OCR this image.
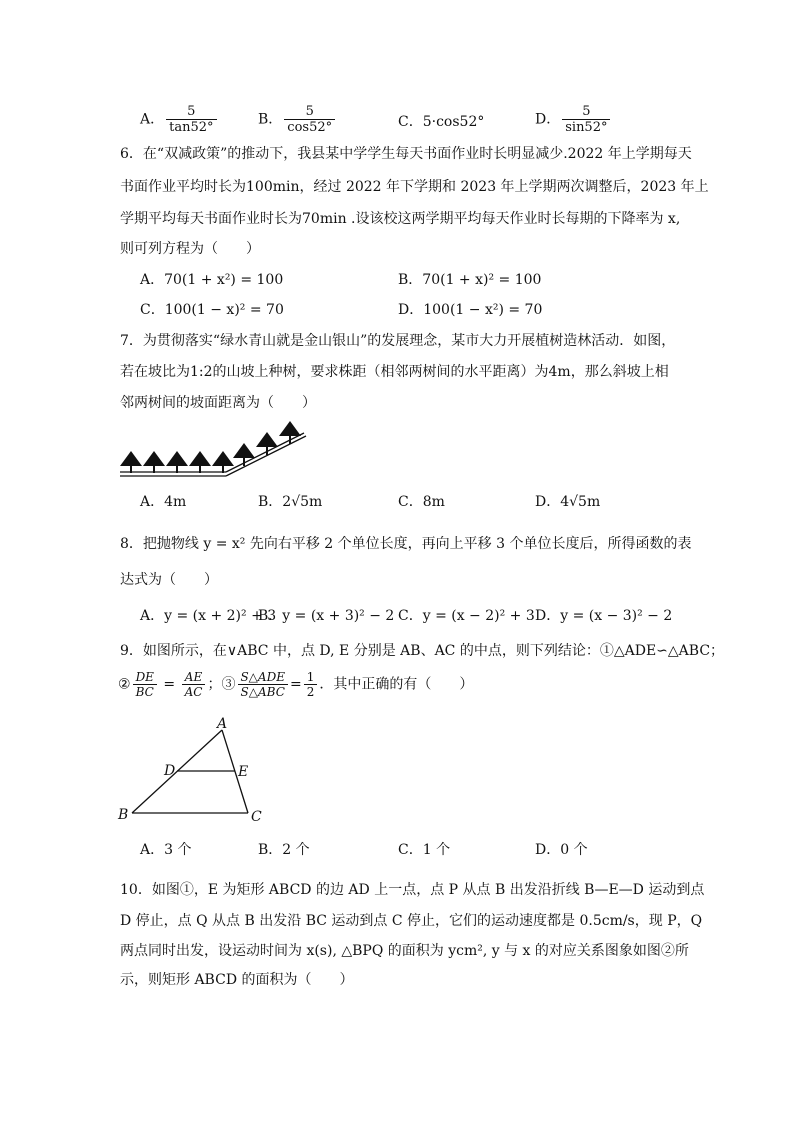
A． $\frac{5}{\tan 52^\circ}$	B． $\frac{5}{\cos 52^\circ}$	C．5·cos52°	D． $\frac{5}{\sin 52^\circ}$
6．在“双减政策”的推动下，我县某中学学生每天书面作业时长明显减少.2022 年上学期每天
书面作业平均时长为100min，经过 2022 年下学期和 2023 年上学期两次调整后，2023 年上
学期平均每天书面作业时长为70min .设该校这两学期平均每天作业时长每期的下降率为 x,
则可列方程为（　　）
A．70(1 + x²) = 100	B．70(1 + x)² = 100
C．100(1 − x)² = 70	D．100(1 − x²) = 70
7．为贯彻落实“绿水青山就是金山银山”的发展理念，某市大力开展植树造林活动．如图，
若在坡比为1:2的山坡上种树，要求株距（相邻两树间的水平距离）为4m，那么斜坡上相
邻两树间的坡面距离为（　　）
A．4m	B．2√5m	C．8m	D．4√5m
8．把抛物线 y = x² 先向右平移 2 个单位长度，再向上平移 3 个单位长度后，所得函数的表
达式为（　　）
A．y = (x + 2)² + 3
B．y = (x + 3)² − 2 C．y = (x − 2)² + 3 D．y = (x − 3)² − 2
9．如图所示，在∨ABC 中，点 D, E 分别是 AB、AC 的中点，则下列结论：①△ADE∽△ABC；
② $\frac{DE}{BC} = \frac{AE}{AC}$ ；③ $\frac{\text{S△ADE}}{\text{S△ABC}} = \frac{1}{2}$ ．其中正确的有（　　）
A
B	C
D	E
A．3 个	B．2 个	C．1 个	D．0 个
10．如图①，E 为矩形 ABCD 的边 AD 上一点，点 P 从点 B 出发沿折线 B—E—D 运动到点
D 停止，点 Q 从点 B 出发沿 BC 运动到点 C 停止，它们的运动速度都是 0.5cm/s，现 P，Q
两点同时出发，设运动时间为 x(s), △BPQ 的面积为 ycm², y 与 x 的对应关系图象如图②所
示，则矩形 ABCD 的面积为（　　）
